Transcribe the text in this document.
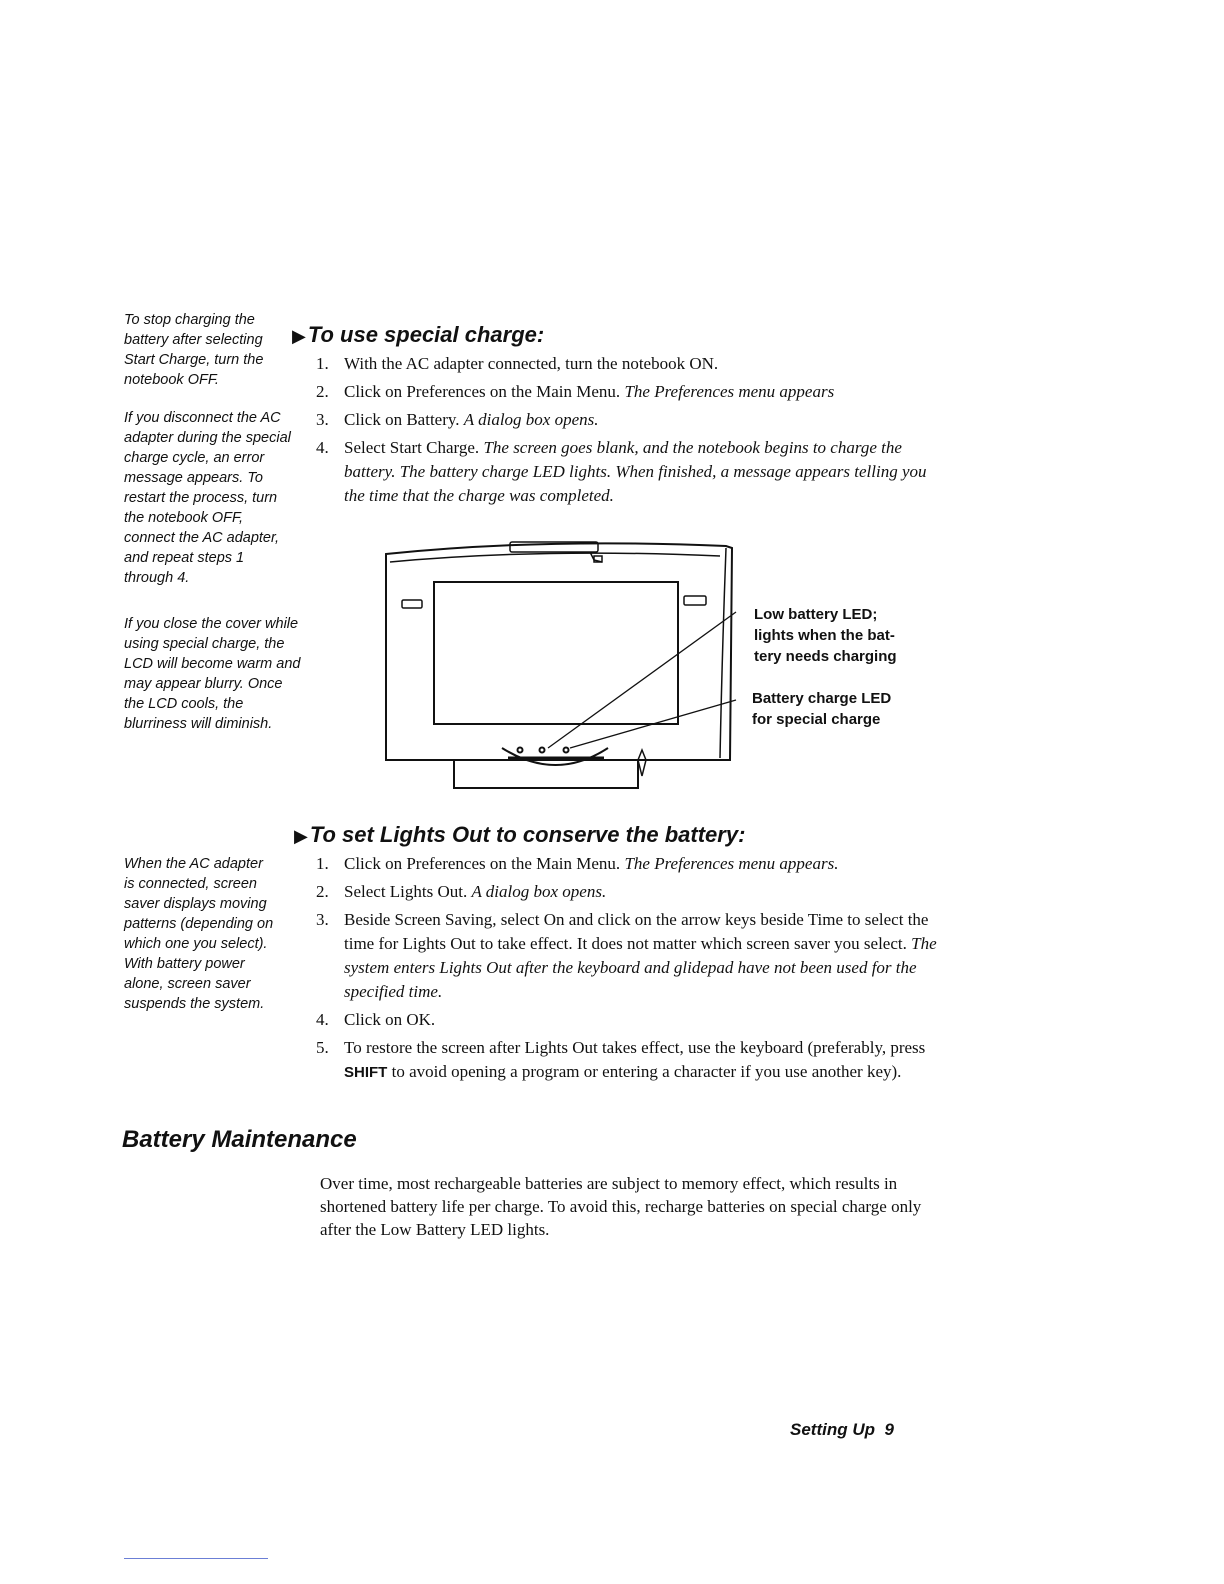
To stop charging the battery after selecting Start Charge, turn the notebook OFF.

If you disconnect the AC adapter during the special charge cycle, an error message appears. To restart the process, turn the notebook OFF, connect the AC adapter, and repeat steps 1 through 4.

If you close the cover while using special charge, the LCD will become warm and may appear blurry. Once the LCD cools, the blurriness will diminish.

When the AC adapter is connected, screen saver displays moving patterns (depending on which one you select). With battery power alone, screen saver suspends the system.

▶To use special charge:
1. With the AC adapter connected, turn the notebook ON.
2. Click on Preferences on the Main Menu. The Preferences menu appears
3. Click on Battery. A dialog box opens.
4. Select Start Charge. The screen goes blank, and the notebook begins to charge the battery. The battery charge LED lights. When finished, a message appears telling you the time that the charge was completed.
Low battery LED; lights when the bat- tery needs charging
Battery charge LED for special charge
▶To set Lights Out to conserve the battery:
1. Click on Preferences on the Main Menu. The Preferences menu appears.
2. Select Lights Out. A dialog box opens.
3. Beside Screen Saving, select On and click on the arrow keys beside Time to select the time for Lights Out to take effect. It does not matter which screen saver you select. The system enters Lights Out after the keyboard and glidepad have not been used for the specified time.
4. Click on OK.
5. To restore the screen after Lights Out takes effect, use the keyboard (preferably, press SHIFT to avoid opening a program or entering a character if you use another key).
Battery Maintenance
Over time, most rechargeable batteries are subject to memory effect, which results in shortened battery life per charge. To avoid this, recharge batteries on special charge only after the Low Battery LED lights.
Setting Up 9
